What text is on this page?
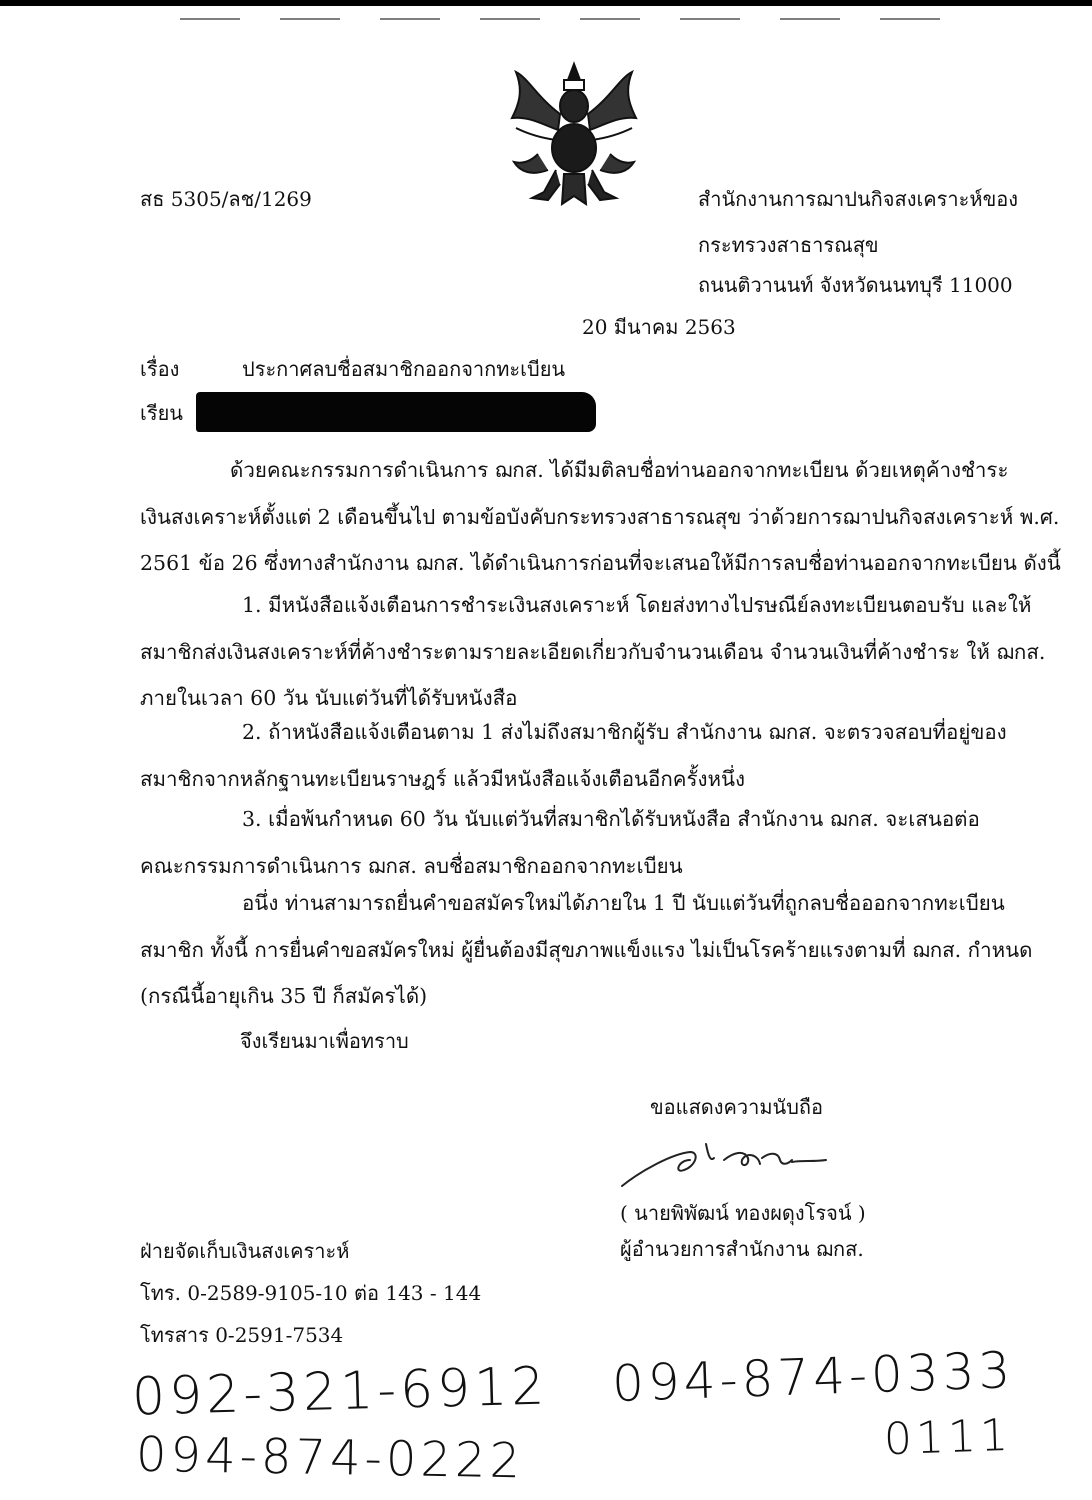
สธ 5305/ลช/1269	สำนักงานการฌาปนกิจสงเคราะห์ของ
กระทรวงสาธารณสุข
ถนนติวานนท์ จังหวัดนนทบุรี 11000
20 มีนาคม 2563
เรื่อง	ประกาศลบชื่อสมาชิกออกจากทะเบียน
เรียน
ด้วยคณะกรรมการดำเนินการ ฌกส. ได้มีมติลบชื่อท่านออกจากทะเบียน ด้วยเหตุค้างชำระ
เงินสงเคราะห์ตั้งแต่ 2 เดือนขึ้นไป ตามข้อบังคับกระทรวงสาธารณสุข ว่าด้วยการฌาปนกิจสงเคราะห์ พ.ศ.
2561 ข้อ 26 ซึ่งทางสำนักงาน ฌกส. ได้ดำเนินการก่อนที่จะเสนอให้มีการลบชื่อท่านออกจากทะเบียน ดังนี้
1. มีหนังสือแจ้งเตือนการชำระเงินสงเคราะห์ โดยส่งทางไปรษณีย์ลงทะเบียนตอบรับ และให้
สมาชิกส่งเงินสงเคราะห์ที่ค้างชำระตามรายละเอียดเกี่ยวกับจำนวนเดือน จำนวนเงินที่ค้างชำระ ให้ ฌกส.
ภายในเวลา 60 วัน นับแต่วันที่ได้รับหนังสือ
2. ถ้าหนังสือแจ้งเตือนตาม 1 ส่งไม่ถึงสมาชิกผู้รับ สำนักงาน ฌกส. จะตรวจสอบที่อยู่ของ
สมาชิกจากหลักฐานทะเบียนราษฎร์ แล้วมีหนังสือแจ้งเตือนอีกครั้งหนึ่ง
3. เมื่อพ้นกำหนด 60 วัน นับแต่วันที่สมาชิกได้รับหนังสือ สำนักงาน ฌกส. จะเสนอต่อ
คณะกรรมการดำเนินการ ฌกส. ลบชื่อสมาชิกออกจากทะเบียน
อนึ่ง ท่านสามารถยื่นคำขอสมัครใหม่ได้ภายใน 1 ปี นับแต่วันที่ถูกลบชื่อออกจากทะเบียน
สมาชิก ทั้งนี้ การยื่นคำขอสมัครใหม่ ผู้ยื่นต้องมีสุขภาพแข็งแรง ไม่เป็นโรคร้ายแรงตามที่ ฌกส. กำหนด
(กรณีนี้อายุเกิน 35 ปี ก็สมัครได้)
จึงเรียนมาเพื่อทราบ
ขอแสดงความนับถือ
( นายพิพัฒน์ ทองผดุงโรจน์ )
ผู้อำนวยการสำนักงาน ฌกส.
ฝ่ายจัดเก็บเงินสงเคราะห์
โทร. 0-2589-9105-10 ต่อ 143 - 144
โทรสาร 0-2591-7534
092-321-6912
094-874-0222
094-874-0333
0111
